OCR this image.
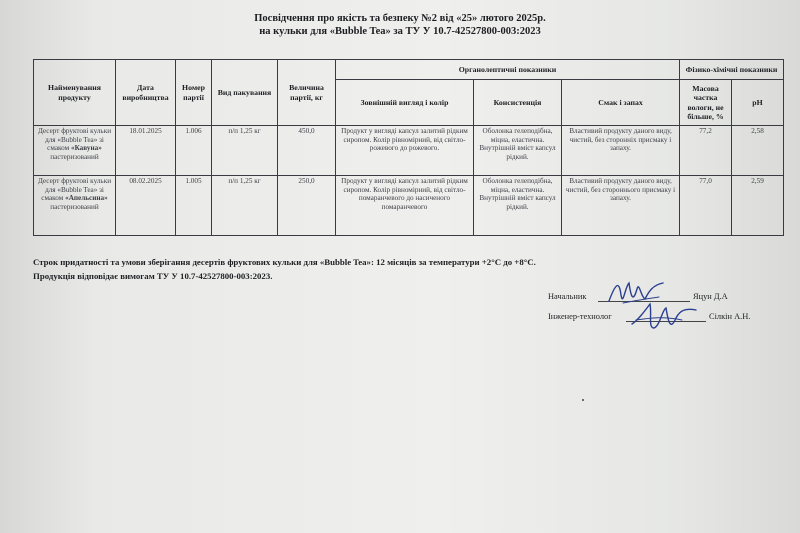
Посвідчення про якість та безпеку №2 від «25» лютого 2025р.
на кульки для «Bubble Tea» за ТУ У 10.7-42527800-003:2023
Найменування продукту	Дата виробництва	Номер партії	Вид пакування	Величина партії, кг	Органолептичні показники			Фізико-хімічні показники	
					Зовнішній вигляд і колір	Консистенція	Смак і запах	Масова частка вологи, не більше, %	pH
Десерт фруктові кульки для «Bubble Tea» зі смаком «Кавуна» пастеризований	18.01.2025	1.006	п/п 1,25 кг	450,0	Продукт у вигляді капсул залитий рідким сиропом. Колір рівномірний, від світло-рожевого до рожевого.	Оболонка гелеподібна, міцна, еластична. Внутрішній вміст капсул рідкий.	Властивий продукту даного виду, чистий, без сторонніх присмаку і запаху.	77,2	2,58
Десерт фруктові кульки для «Bubble Tea» зі смаком «Апельсина» пастеризований	08.02.2025	1.005	п/п 1,25 кг	250,0	Продукт у вигляді капсул залитий рідким сиропом. Колір рівномірний, від світло-помаранчевого до насиченого помаранчевого	Оболонка гелеподібна, міцна, еластична. Внутрішній вміст капсул рідкий.	Властивий продукту даного виду, чистий, без стороннього присмаку і запаху.	77,0	2,59
Строк придатності та умови зберігання десертів фруктових кульки для «Bubble Tea»: 12 місяців за температури +2°С до +8°С.
Продукція відповідає вимогам ТУ У 10.7-42527800-003:2023.
Начальник	Яцун Д.А
Інженер-технолог	Сілкін А.Н.
